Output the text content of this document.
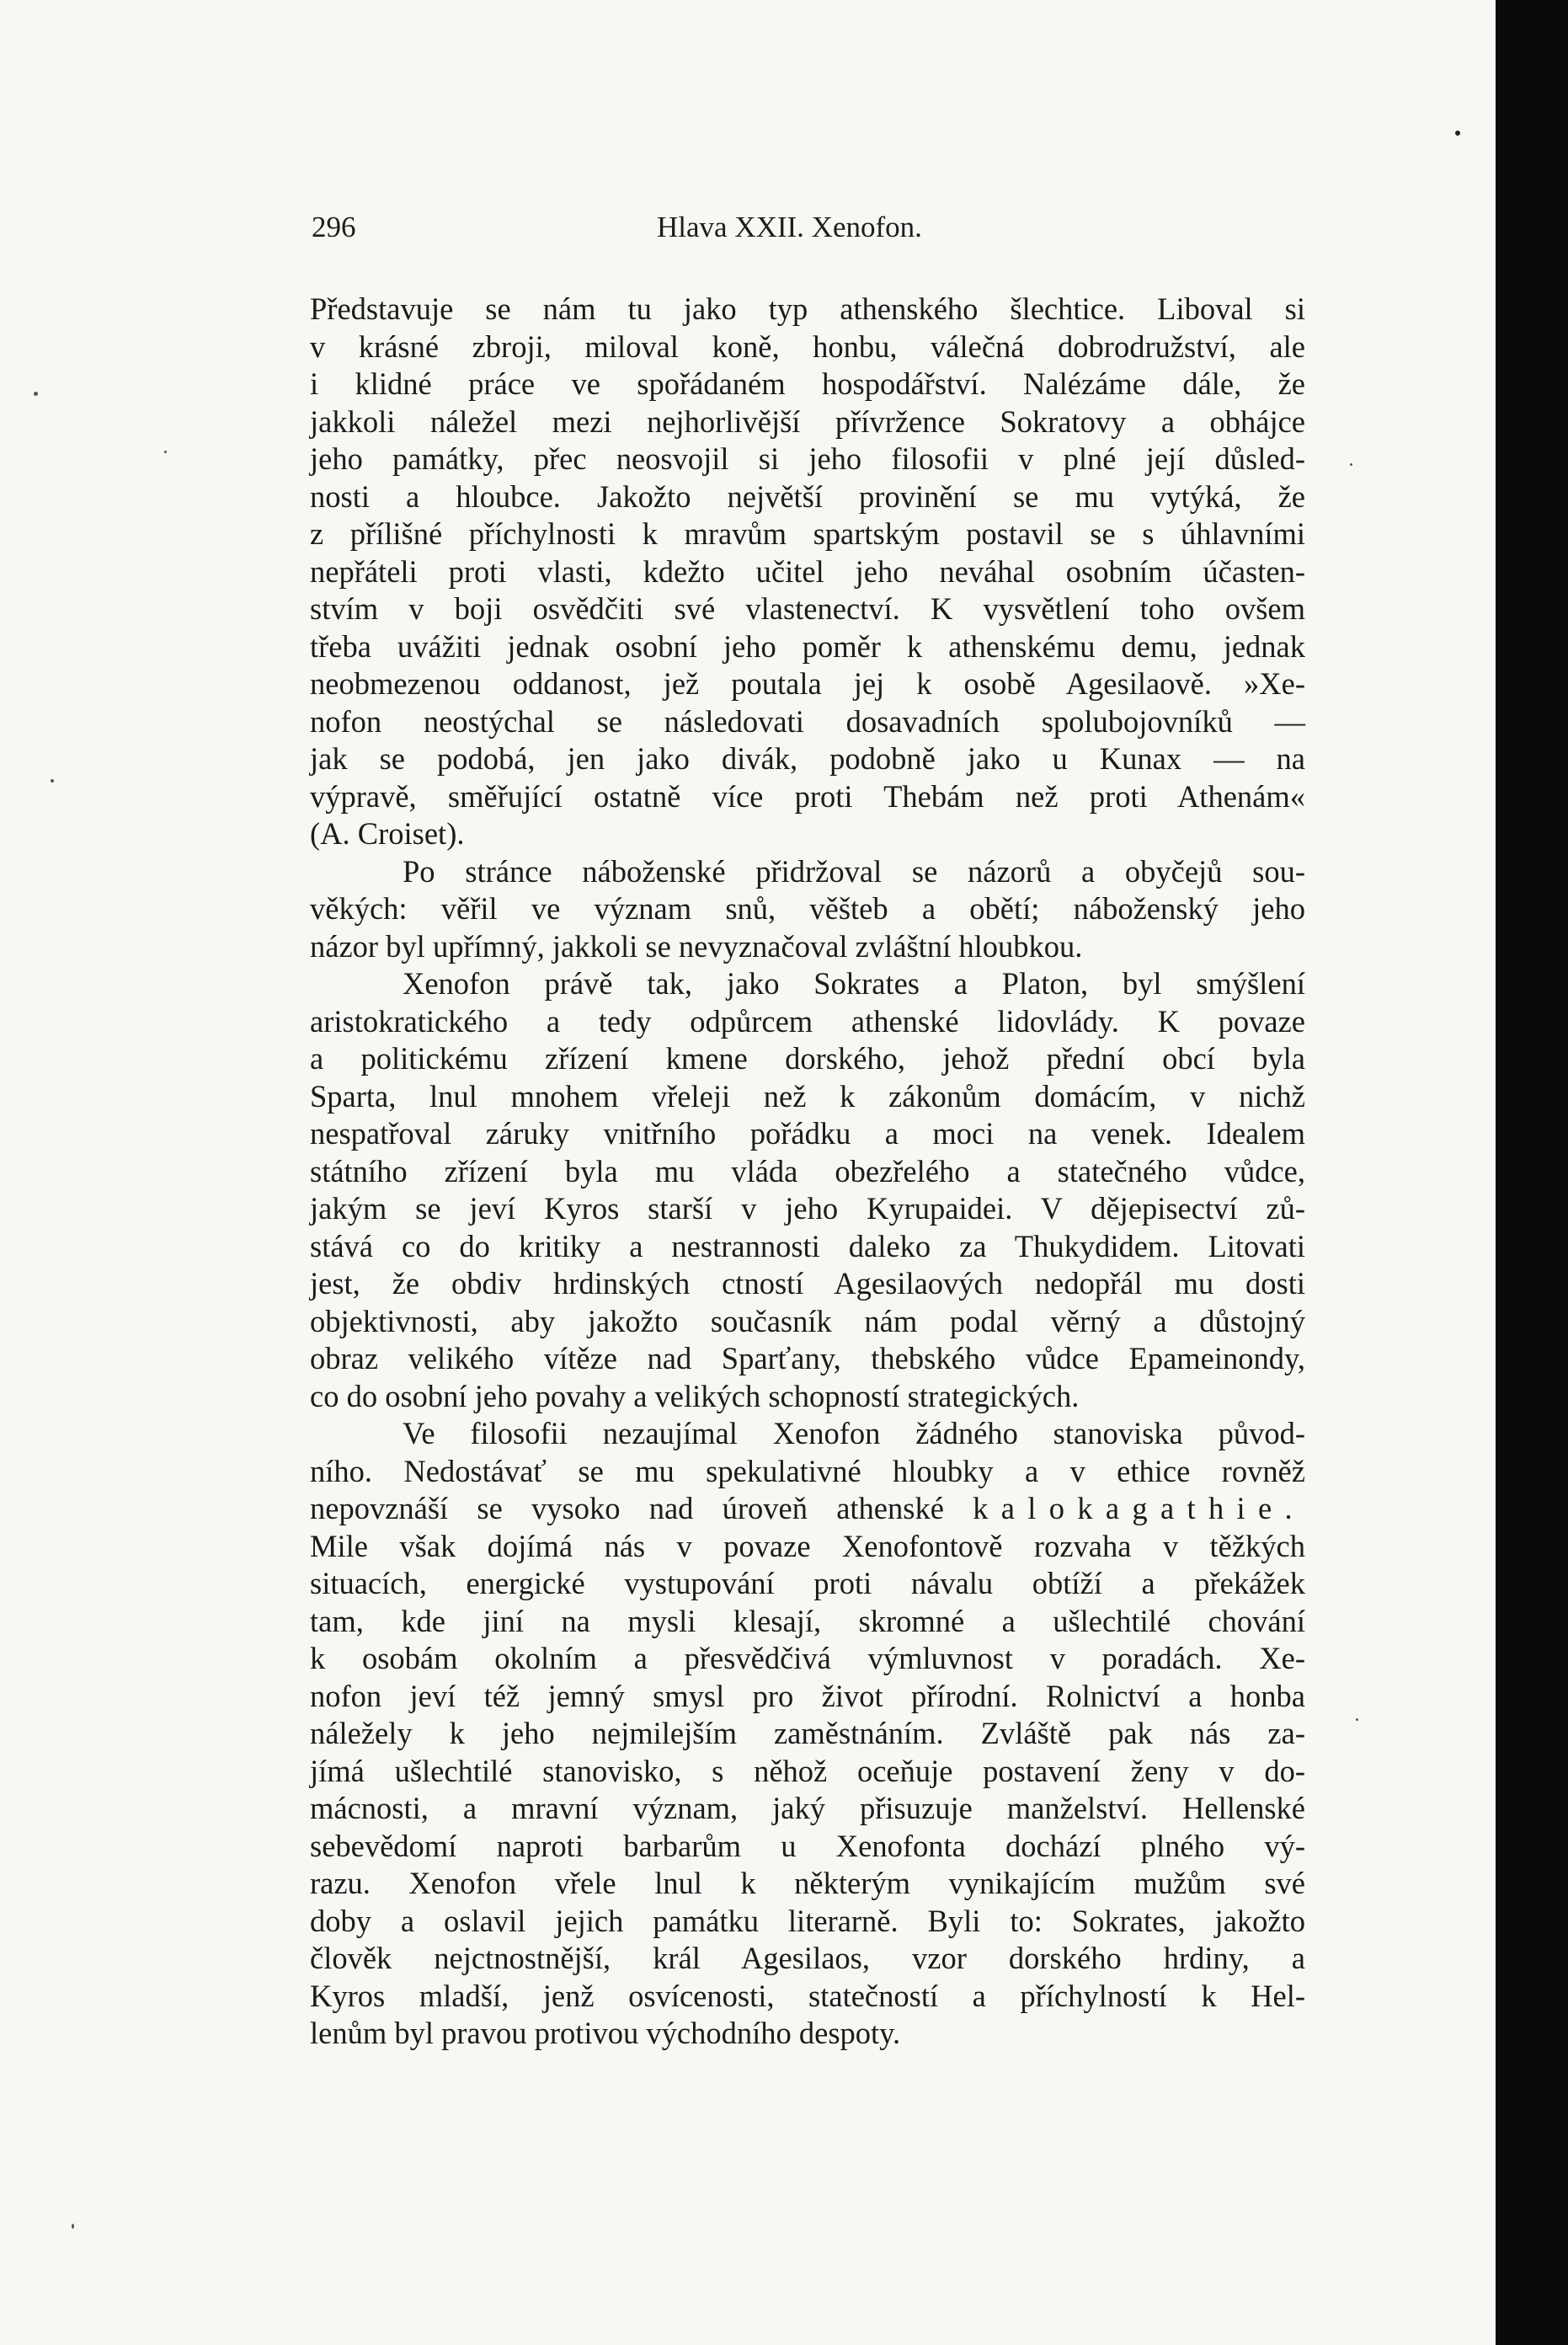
296	Hlava XXII. Xenofon.
Představuje se nám tu jako typ athenského šlechtice. Liboval si
v krásné zbroji, miloval koně, honbu, válečná dobrodružství, ale
i klidné práce ve spořádaném hospodářství. Nalézáme dále, že
jakkoli náležel mezi nejhorlivější přívržence Sokratovy a obhájce
jeho památky, přec neosvojil si jeho filosofii v plné její důsled-
nosti a hloubce. Jakožto největší provinění se mu vytýká, že
z přílišné příchylnosti k mravům spartským postavil se s úhlavními
nepřáteli proti vlasti, kdežto učitel jeho neváhal osobním účasten-
stvím v boji osvědčiti své vlastenectví. K vysvětlení toho ovšem
třeba uvážiti jednak osobní jeho poměr k athenskému demu, jednak
neobmezenou oddanost, jež poutala jej k osobě Agesilaově. »Xe-
nofon neostýchal se následovati dosavadních spolubojovníků —
jak se podobá, jen jako divák, podobně jako u Kunax — na
výpravě, směřující ostatně více proti Thebám než proti Athenám«
(A. Croiset).
Po stránce náboženské přidržoval se názorů a obyčejů sou-
věkých: věřil ve význam snů, věšteb a obětí; náboženský jeho
názor byl upřímný, jakkoli se nevyznačoval zvláštní hloubkou.
Xenofon právě tak, jako Sokrates a Platon, byl smýšlení
aristokratického a tedy odpůrcem athenské lidovlády. K povaze
a politickému zřízení kmene dorského, jehož přední obcí byla
Sparta, lnul mnohem vřeleji než k zákonům domácím, v nichž
nespatřoval záruky vnitřního pořádku a moci na venek. Idealem
státního zřízení byla mu vláda obezřelého a statečného vůdce,
jakým se jeví Kyros starší v jeho Kyrupaidei. V dějepisectví zů-
stává co do kritiky a nestrannosti daleko za Thukydidem. Litovati
jest, že obdiv hrdinských ctností Agesilaových nedopřál mu dosti
objektivnosti, aby jakožto současník nám podal věrný a důstojný
obraz velikého vítěze nad Sparťany, thebského vůdce Epameinondy,
co do osobní jeho povahy a velikých schopností strategických.
Ve filosofii nezaujímal Xenofon žádného stanoviska původ-
ního. Nedostávať se mu spekulativné hloubky a v ethice rovněž
nepovznáší se vysoko nad úroveň athenské kalokagathie.
Mile však dojímá nás v povaze Xenofontově rozvaha v těžkých
situacích, energické vystupování proti návalu obtíží a překážek
tam, kde jiní na mysli klesají, skromné a ušlechtilé chování
k osobám okolním a přesvědčivá výmluvnost v poradách. Xe-
nofon jeví též jemný smysl pro život přírodní. Rolnictví a honba
náležely k jeho nejmilejším zaměstnáním. Zvláště pak nás za-
jímá ušlechtilé stanovisko, s něhož oceňuje postavení ženy v do-
mácnosti, a mravní význam, jaký přisuzuje manželství. Hellenské
sebevědomí naproti barbarům u Xenofonta dochází plného vý-
razu. Xenofon vřele lnul k některým vynikajícím mužům své
doby a oslavil jejich památku literarně. Byli to: Sokrates, jakožto
člověk nejctnostnější, král Agesilaos, vzor dorského hrdiny, a
Kyros mladší, jenž osvícenosti, statečností a příchylností k Hel-
lenům byl pravou protivou východního despoty.
